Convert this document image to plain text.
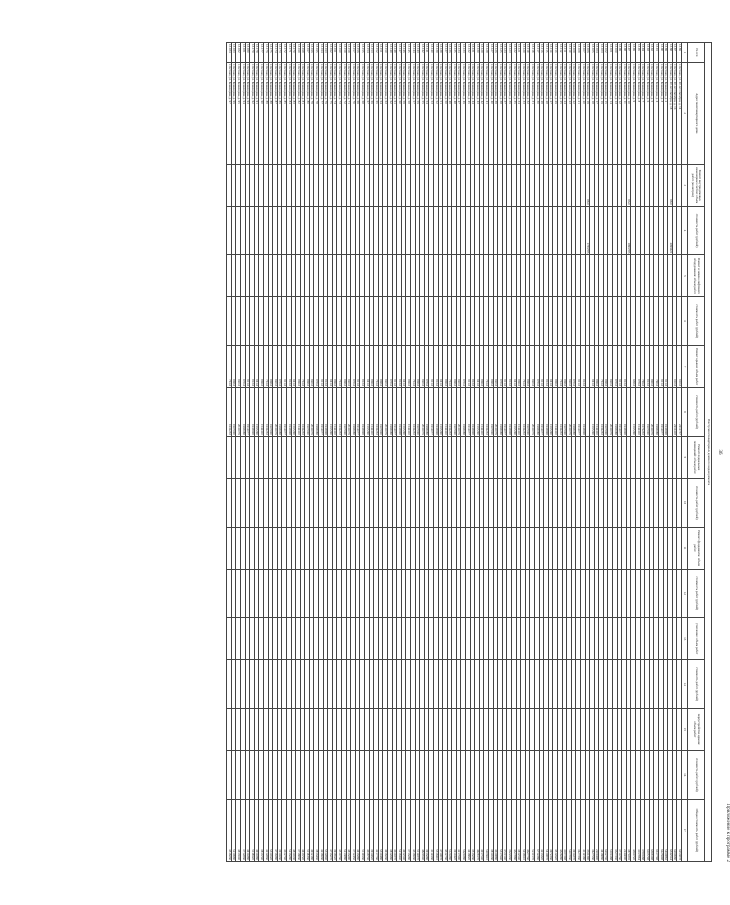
Приложение к программе 2
36
Реестр многоквартирных домов по видам ремонта																
№ п/п	Адрес многоквартирного дома	Ремонт внутридомовых инженерных систем: объем работ (кв.метров)	стоимость работ (рублей)	Ремонт и замена лифтового оборудования: объем работ	стоимость работ (рублей)	Ремонт крыши: объем работ	стоимость работ (рублей)	Ремонт подвальных помещений: объем работ	стоимость работ (рублей)	Ремонт фундамента: объем работ	стоимость работ (рублей)	утепление: объем работ	стоимость работ (рублей)	переустройство крыши: объем работ	стоимость работ (рублей)	Общая стоимость работ (рублей)
1	2	3	4	5	6	7	8	9	10	11	12	13	14	15	16	17
13.86	г. Кстово, ул. 40 лет Октября, д. 14					910.0	2412737									6253878
13.87	г. Кстово, ул. 40 лет Октября, д. 16					910.0	2416418									6290980
13.88	г. Кстово, ул. 40 лет Октября, д. 18	98.0	2096021													6342544
13.89	г. Кстово, ул. Бешенцева, д. 2					911.0	1933808									5460882
13.90	г. Кстово, ул. Бешенцева, д. 3					911.0	1912077									6225998
13.91	г. Кстово, ул. Бешенцева, д. 4					790.0	1983088									6617798
13.92	г. Кстово, ул. Бешенцева, д. 5					800.0	2041076									6398198
13.93	г. Кстово, ул. Бешенцева, д. 6					813.0	1907000									6105708
13.94	г. Кстово, ул. Бешенцева, д. 7					796.0	1672233									3783588
13.95	г. Кстово, ул. Бешенцева, д. 8					879.0	1542410									4167884
13.96	г. Кстово, ул. Бешенцева, д. 9					938.0	1567290									4390720
13.97	г. Кстово, ул. Бешенцева, д. 10	96.0	1896785													3870335
13.98	г. Кстово, ул. Бешенцева, д. 11					813.0	1933808									2244000
13.99	г. Кстово, ул. Бешенцева, д. 12					911.0	1912077									3714760
13.100	г. Кстово, ул. Бешенцева, д. 13					870.0	1983088									3327330
13.101	г. Кстово, ул. Бешенцева, д. 14					820.0	2041076									5104188
13.102	г. Кстово, ул. Бешенцева, д. 15					868.0	1907000									6262730
13.103	г. Кстово, ул. Бешенцева, д. 16					761.0	1632233									4418880
13.104	г. Кстово, ул. Бешенцева, д. 17					869.0	1542410									2200400
13.105	г. Кстово, ул. Бешенцева, д. 18					941.0	1567290									3427560
13.106	г. Кстово, ул. Бешенцева, д. 19	88.0	1736785													3611390
13.107	г. Кстово, ул. Бешенцева, д. 20					813.0	1933808									4112580
13.108	г. Кстово, ул. Бешенцева, д. 21					911.0	1912077									3427360
13.109	г. Кстово, ул. Бешенцева, д. 22					870.0	1983088									3914370
13.110	г. Кстово, ул. Бешенцева, д. 23					820.0	2041076									5207860
13.111	г. Кстово, ул. Бешенцева, д. 24					868.0	1907000									4187398
13.112	г. Кстово, ул. Бешенцева, д. 25					761.0	1632233									4328280
13.113	г. Кстово, ул. Бешенцева, д. 26					869.0	1542410									4512620
13.114	г. Кстово, ул. Бешенцева, д. 27					941.0	1567290									3972360
13.115	г. Кстово, ул. Бешенцева, д. 28					813.0	1933808									5410870
13.116	г. Кстово, ул. Бешенцева, д. 29					911.0	1912077									4213320
13.117	г. Кстово, ул. Бешенцева, д. 30					870.0	1983088									6712380
13.118	г. Кстово, ул. Бешенцева, д. 31					820.0	2041076									5211570
13.119	г. Кстово, ул. Бешенцева, д. 32					868.0	1907000									4627760
13.120	г. Кстово, ул. Бешенцева, д. 33					761.0	1632233									5018510
13.121	г. Кстово, ул. Бешенцева, д. 34					869.0	1542410									3812540
13.122	г. Кстово, ул. Бешенцева, д. 35					941.0	1567290									4327880
13.123	г. Кстово, ул. Бешенцева, д. 36					813.0	1933808									3622660
13.124	г. Кстово, ул. Бешенцева, д. 37					911.0	1912077									4721540
13.125	г. Кстово, ул. Бешенцева, д. 38					870.0	1983088									5317640
13.126	г. Кстово, ул. Бешенцева, д. 39					820.0	2041076									4610880
13.127	г. Кстово, ул. Бешенцева, д. 40					868.0	1907000									3814560
13.128	г. Кстово, ул. Бешенцева, д. 41					761.0	1632233									5206610
13.129	г. Кстово, ул. Бешенцева, д. 42					869.0	1542410									4017540
13.130	г. Кстово, ул. Бешенцева, д. 43					941.0	1567290									4928170
13.131	г. Кстово, ул. Бешенцева, д. 44					813.0	1933808									3516260
13.132	г. Кстово, ул. Бешенцева, д. 45					911.0	1912077									4418820
13.133	г. Кстово, ул. Бешенцева, д. 46					870.0	1983088									5620380
13.134	г. Кстово, ул. Бешенцева, д. 47					820.0	2041076									4217690
13.135	г. Кстово, ул. Бешенцева, д. 48					868.0	1907000									3910420
13.136	г. Кстово, ул. Бешенцева, д. 49					761.0	1632233									5124380
13.137	г. Кстово, ул. Бешенцева, д. 50					869.0	1542410									4312760
13.138	г. Кстово, ул. Бешенцева, д. 51					941.0	1567290									4710870
13.139	г. Кстово, ул. Бешенцева, д. 52					813.0	1933808									5318410
13.140	г. Кстово, ул. Бешенцева, д. 53					911.0	1912077									4112660
13.141	г. Кстово, ул. Бешенцева, д. 54					870.0	1983088									3916280
13.142	г. Кстово, ул. Бешенцева, д. 55					820.0	2041076									4820540
13.143	г. Кстово, ул. Бешенцева, д. 56					868.0	1907000									5112870
13.144	г. Кстово, ул. Бешенцева, д. 57					761.0	1632233									4318660
13.145	г. Кстово, ул. Бешенцева, д. 58					869.0	1542410									3716280
13.146	г. Кстово, ул. Бешенцева, д. 59					941.0	1567290									4912540
13.147	г. Кстово, ул. Бешенцева, д. 60					813.0	1933808									5218440
13.148	г. Кстово, ул. Бешенцева, д. 61					911.0	1912077									4610370
13.149	г. Кстово, ул. Бешенцева, д. 62					870.0	1983088									3812980
13.150	г. Кстово, ул. Бешенцева, д. 63					820.0	2041076									4918260
13.151	г. Кстово, ул. Бешенцева, д. 64					868.0	1907000									5310480
13.152	г. Кстово, ул. Бешенцева, д. 65					761.0	1632233									4217760
13.153	г. Кстово, ул. Бешенцева, д. 66					869.0	1542410									3914820
13.154	г. Кстово, ул. Бешенцева, д. 67					941.0	1567290									4618730
13.155	г. Кстово, ул. Бешенцева, д. 68					813.0	1933808									5110660
13.156	г. Кстово, ул. Бешенцева, д. 69					911.0	1912077									4416380
13.157	г. Кстово, ул. Бешенцева, д. 70					870.0	1983088									3712450
13.158	г. Кстово, ул. Бешенцева, д. 71					820.0	2041076									4816290
13.159	г. Кстово, ул. Бешенцева, д. 72					868.0	1907000									5213880
13.160	г. Кстово, ул. Бешенцева, д. 73					761.0	1632233									4510760
13.161	г. Кстово, ул. Бешенцева, д. 74					869.0	1542410									3918520
13.162	г. Кстово, ул. Бешенцева, д. 75					941.0	1567290									4716270
13.163	г. Кстово, ул. Бешенцева, д. 76					813.0	1933808									5312840
13.164	г. Кстово, ул. Бешенцева, д. 77					911.0	1912077									4218660
13.165	г. Кстово, ул. Бешенцева, д. 78					870.0	1983088									3816430
13.166	г. Кстово, ул. Бешенцева, д. 79					820.0	2041076									4912180
13.167	г. Кстово, ул. Бешенцева, д. 80					868.0	1907000									5118360
13.168	г. Кстово, ул. Бешенцева, д. 81					761.0	1632233									4416720
13.169	г. Кстово, ул. Бешенцева, д. 82					869.0	1542410									3718860
13.170	г. Кстово, ул. Бешенцева, д. 83					941.0	1567290									4814530
13.171	г. Кстово, ул. Бешенцева, д. 84					813.0	1933808									5216280
13.172	г. Кстово, ул. Бешенцева, д. 85					911.0	1912077									4612740
13.173	г. Кстово, ул. Бешенцева, д. 86					870.0	1983088									3914660
13.174	г. Кстово, ул. Бешенцева, д. 87					820.0	2041076									4718380
13.175	г. Кстово, ул. Бешенцева, д. 88					868.0	1907000									5314520
13.176	г. Кстово, ул. Бешенцева, д. 89					761.0	1632233									4212860
13.177	г. Кстово, ул. Бешенцева, д. 90					869.0	1542410									3816740
13.178	г. Кстово, ул. Бешенцева, д. 91					941.0	1567290									4910380
13.179	г. Кстово, ул. Бешенцева, д. 92					813.0	1933808									5118620
13.180	г. Кстово, ул. Бешенцева, д. 93					911.0	1912077									4414380
13.181	г. Кстово, ул. Бешенцева, д. 94					870.0	1983088									3712860
13.182	г. Кстово, ул. Бешенцева, д. 95					820.0	2041076									4816540
13.183	г. Кстово, ул. Бешенцева, д. 96					868.0	1907000									5210980
13.184	г. Кстово, ул. Бешенцева, д. 97					761.0	1632233									4518260
